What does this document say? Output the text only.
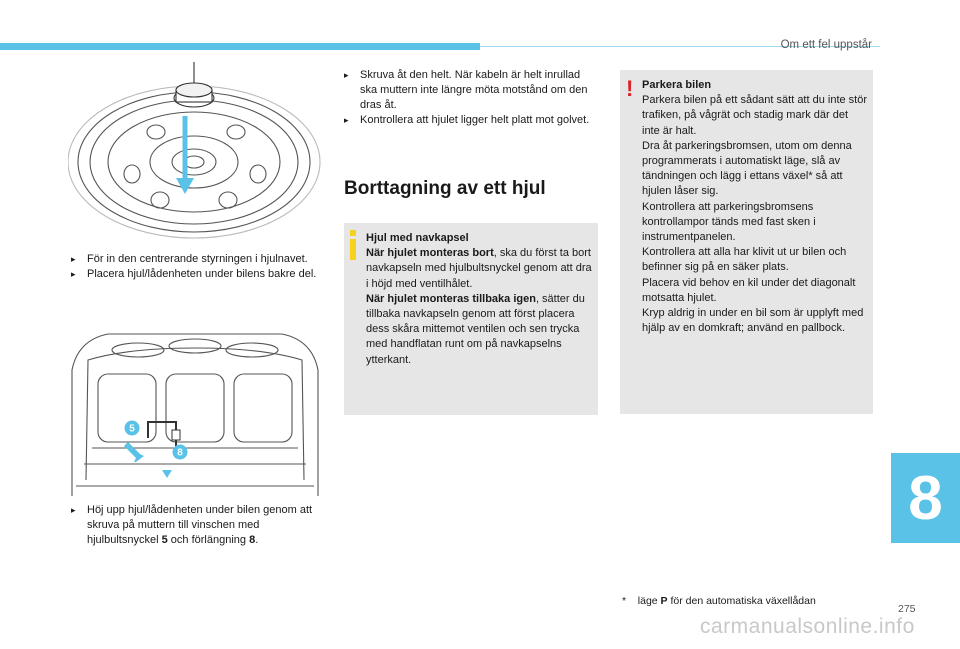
Om ett fel uppstår

▸ För in den centrerande styrningen i hjulnavet.

▸ Placera hjul/lådenheten under bilens bakre del.

5
8

▸ Höj upp hjul/lådenheten under bilen genom att skruva på muttern till vinschen med hjulbultsnyckel 5 och förlängning 8.

▸ Skruva åt den helt. När kabeln är helt inrullad ska muttern inte längre möta motstånd om den dras åt.

▸ Kontrollera att hjulet ligger helt platt mot golvet.

Borttagning av ett hjul

Hjul med navkapsel

När hjulet monteras bort, ska du först ta bort navkapseln med hjulbultsnyckel genom att dra i höjd med ventilhålet.

När hjulet monteras tillbaka igen, sätter du tillbaka navkapseln genom att först placera dess skåra mittemot ventilen och sen trycka med handflatan runt om på navkapselns ytterkant.

! Parkera bilen

Parkera bilen på ett sådant sätt att du inte stör trafiken, på vågrät och stadig mark där det inte är halt.

Dra åt parkeringsbromsen, utom om denna programmerats i automatiskt läge, slå av tändningen och lägg i ettans växel* så att hjulen låser sig.

Kontrollera att parkeringsbromsens kontrollampor tänds med fast sken i instrumentpanelen.

Kontrollera att alla har klivit ut ur bilen och befinner sig på en säker plats.

Placera vid behov en kil under det diagonalt motsatta hjulet.

Kryp aldrig in under en bil som är upplyft med hjälp av en domkraft; använd en pallbock.

* läge P för den automatiska växellådan
8
275
carmanualsonline.info
